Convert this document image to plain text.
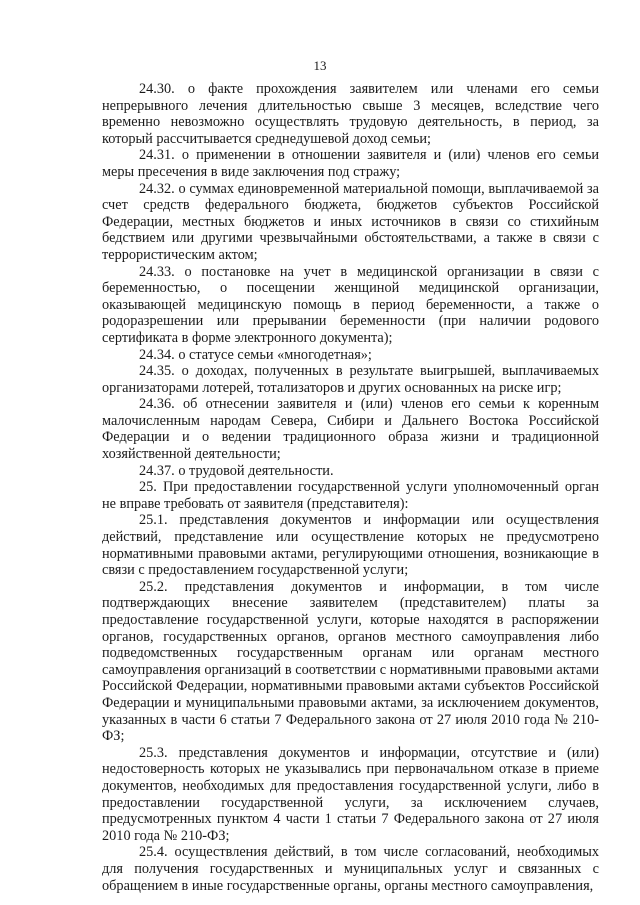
13

24.30. о факте прохождения заявителем или членами его семьи непрерывного лечения длительностью свыше 3 месяцев, вследствие чего временно невозможно осуществлять трудовую деятельность, в период, за который рассчитывается среднедушевой доход семьи;

24.31. о применении в отношении заявителя и (или) членов его семьи меры пресечения в виде заключения под стражу;

24.32. о суммах единовременной материальной помощи, выплачиваемой за счет средств федерального бюджета, бюджетов субъектов Российской Федерации, местных бюджетов и иных источников в связи со стихийным бедствием или другими чрезвычайными обстоятельствами, а также в связи с террористическим актом;

24.33. о постановке на учет в медицинской организации в связи с беременностью, о посещении женщиной медицинской организации, оказывающей медицинскую помощь в период беременности, а также о родоразрешении или прерывании беременности (при наличии родового сертификата в форме электронного документа);

24.34. о статусе семьи «многодетная»;

24.35. о доходах, полученных в результате выигрышей, выплачиваемых организаторами лотерей, тотализаторов и других основанных на риске игр;

24.36. об отнесении заявителя и (или) членов его семьи к коренным малочисленным народам Севера, Сибири и Дальнего Востока Российской Федерации и о ведении традиционного образа жизни и традиционной хозяйственной деятельности;

24.37. о трудовой деятельности.

25. При предоставлении государственной услуги уполномоченный орган не вправе требовать от заявителя (представителя):

25.1. представления документов и информации или осуществления действий, представление или осуществление которых не предусмотрено нормативными правовыми актами, регулирующими отношения, возникающие в связи с предоставлением государственной услуги;

25.2. представления документов и информации, в том числе подтверждающих внесение заявителем (представителем) платы за предоставление государственной услуги, которые находятся в распоряжении органов, государственных органов, органов местного самоуправления либо подведомственных государственным органам или органам местного самоуправления организаций в соответствии с нормативными правовыми актами Российской Федерации, нормативными правовыми актами субъектов Российской Федерации и муниципальными правовыми актами, за исключением документов, указанных в части 6 статьи 7 Федерального закона от 27 июля 2010 года № 210-ФЗ;

25.3. представления документов и информации, отсутствие и (или) недостоверность которых не указывались при первоначальном отказе в приеме документов, необходимых для предоставления государственной услуги, либо в предоставлении государственной услуги, за исключением случаев, предусмотренных пунктом 4 части 1 статьи 7 Федерального закона от 27 июля 2010 года № 210-ФЗ;

25.4. осуществления действий, в том числе согласований, необходимых для получения государственных и муниципальных услуг и связанных с обращением в иные государственные органы, органы местного самоуправления,
